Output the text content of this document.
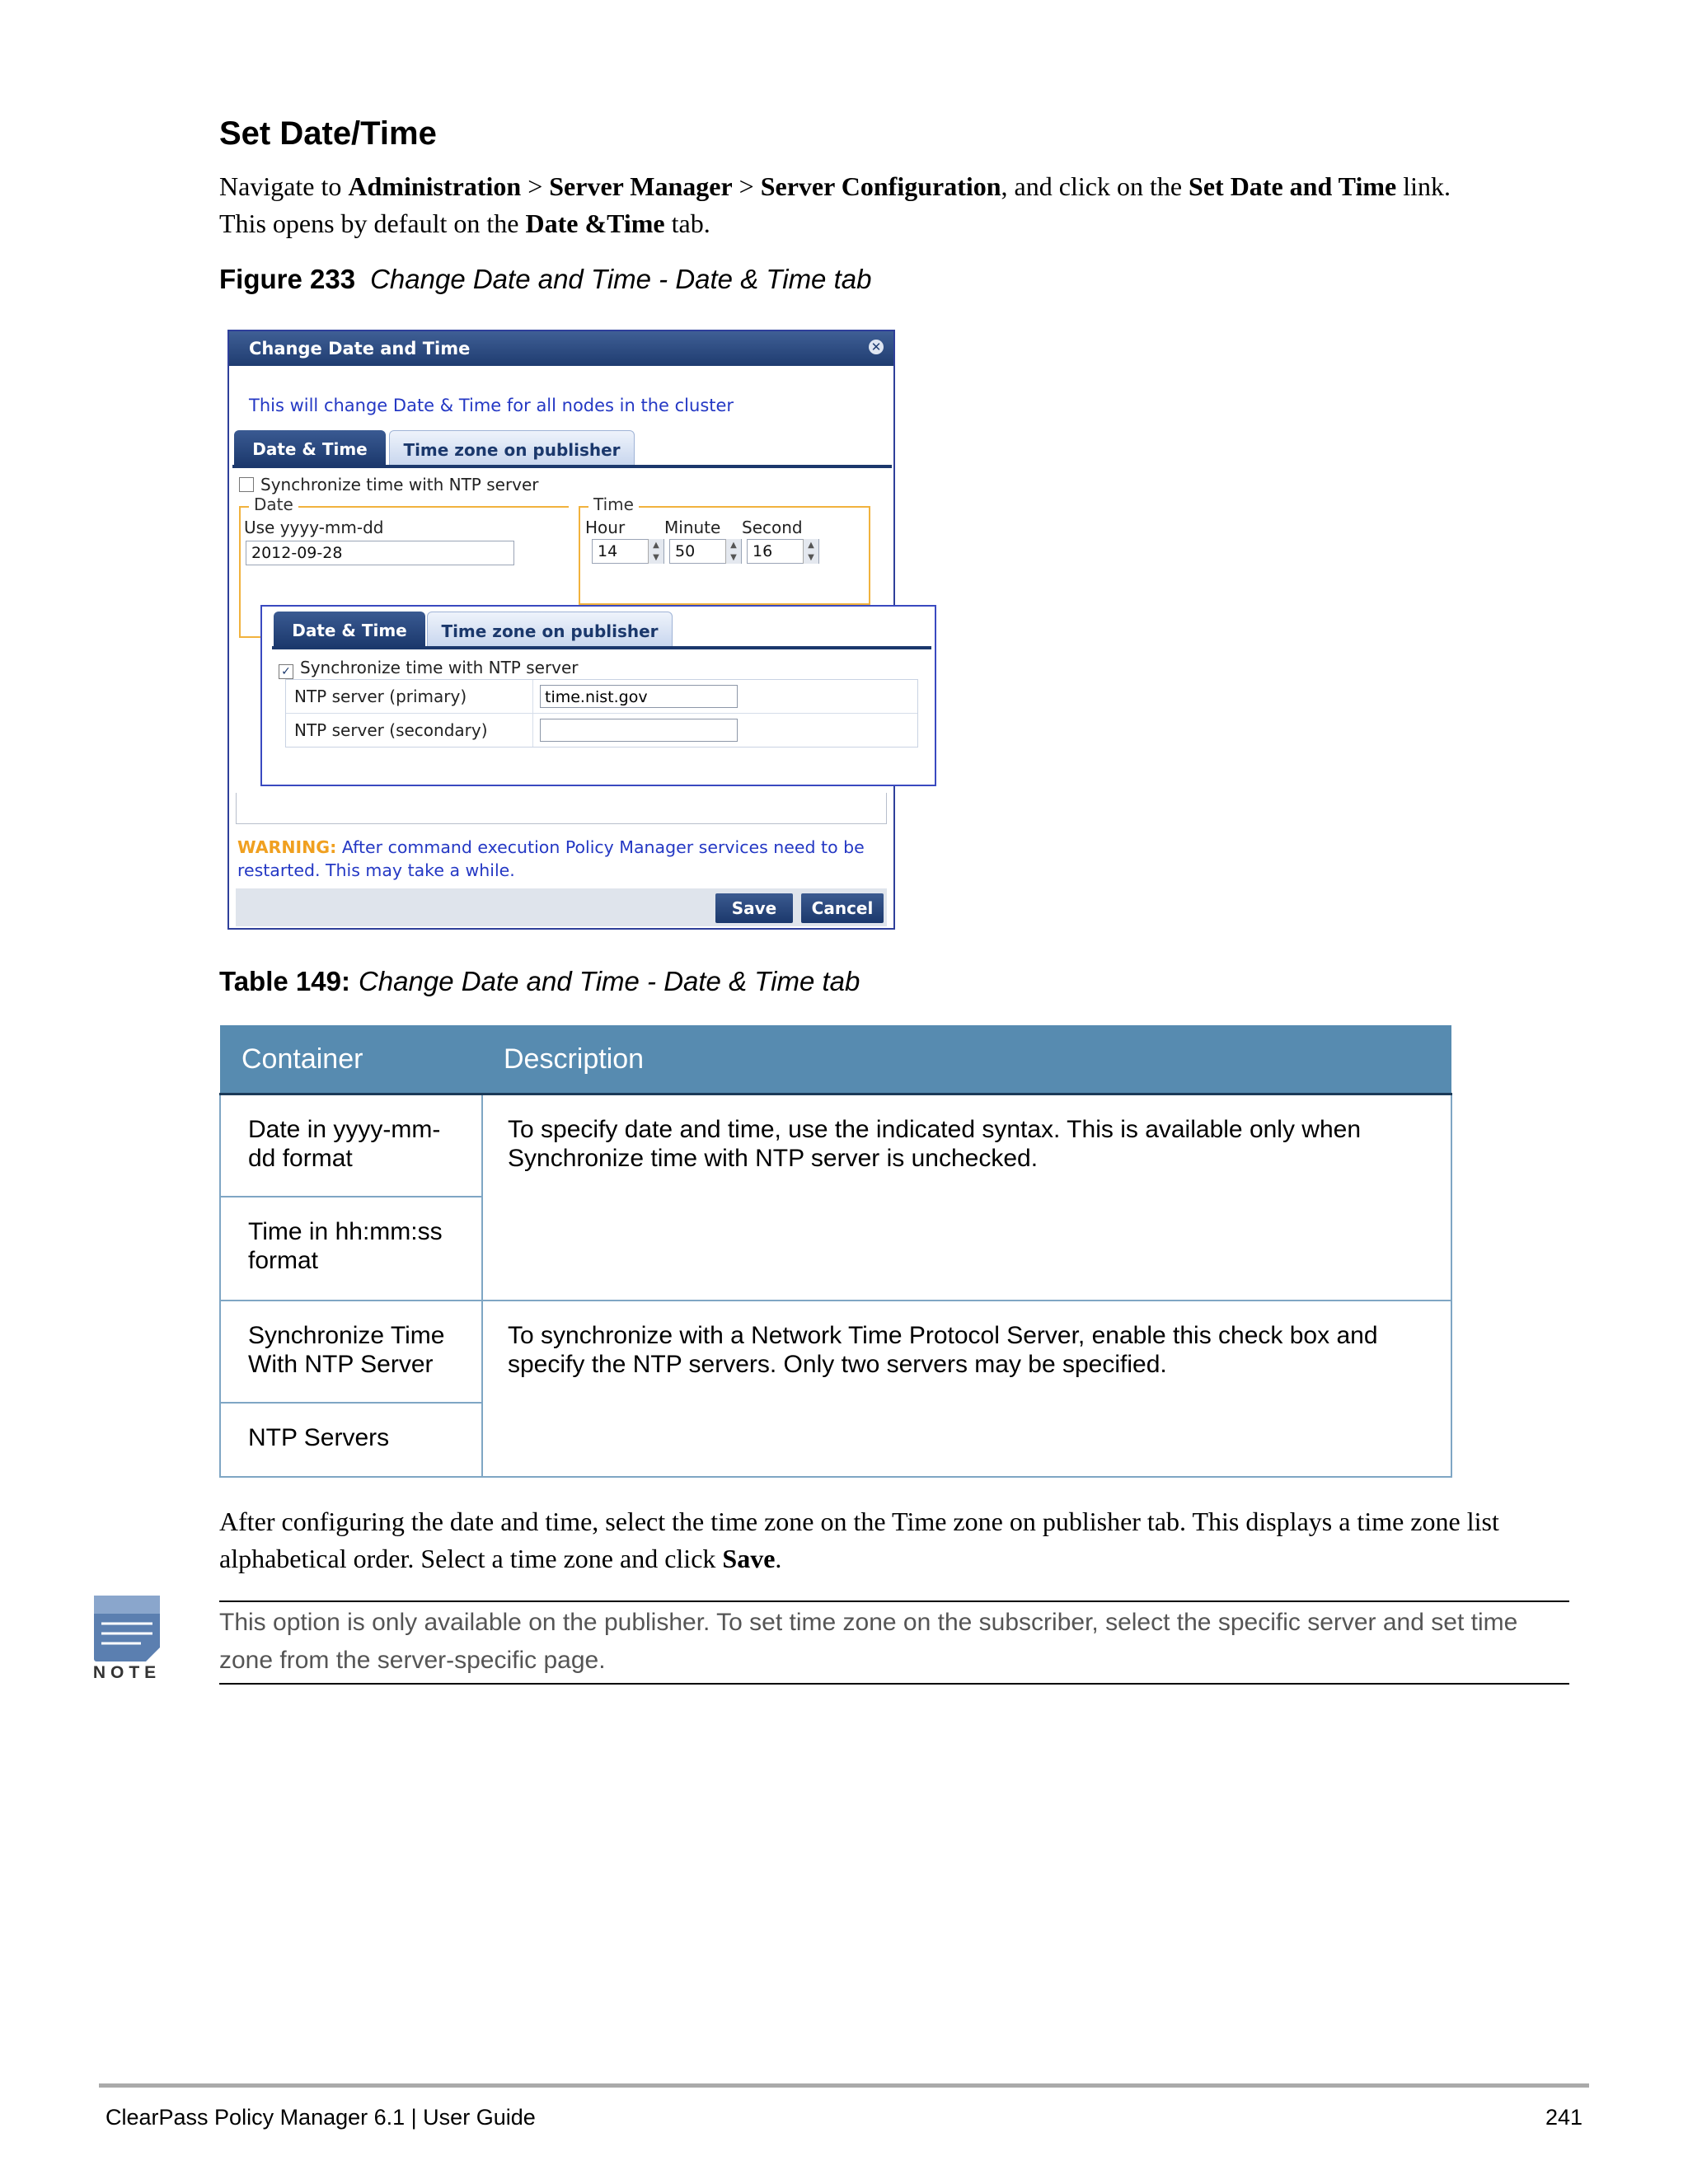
Set Date/Time
Navigate to Administration > Server Manager > Server Configuration, and click on the Set Date and Time link.
This opens by default on the Date &Time tab.
Figure 233 Change Date and Time - Date & Time tab
Change Date and Time	✕
This will change Date & Time for all nodes in the cluster
Date & Time	Time zone on publisher
Synchronize time with NTP server
Date
Use yyyy-mm-dd
2012-09-28
Time
Hour Minute Second
14	▲
▼	50	▲
▼	16	▲
▼
WARNING: After command execution Policy Manager services need to be restarted. This may take a while.
Save	Cancel
Date & Time	Time zone on publisher
✓ Synchronize time with NTP server
NTP server (primary)	time.nist.gov
NTP server (secondary)
Table 149: Change Date and Time - Date & Time tab
Container	Description
Date in yyyy-mm-dd format	To specify date and time, use the indicated syntax. This is available only when Synchronize time with NTP server is unchecked.
Time in hh:mm:ss format	
Synchronize Time With NTP Server	To synchronize with a Network Time Protocol Server, enable this check box and specify the NTP servers. Only two servers may be specified.
NTP Servers	
After configuring the date and time, select the time zone on the Time zone on publisher tab. This displays a time zone list alphabetical order. Select a time zone and click Save.
NOTE
This option is only available on the publisher. To set time zone on the subscriber, select the specific server and set time zone from the server-specific page.
ClearPass Policy Manager 6.1 | User Guide	241
